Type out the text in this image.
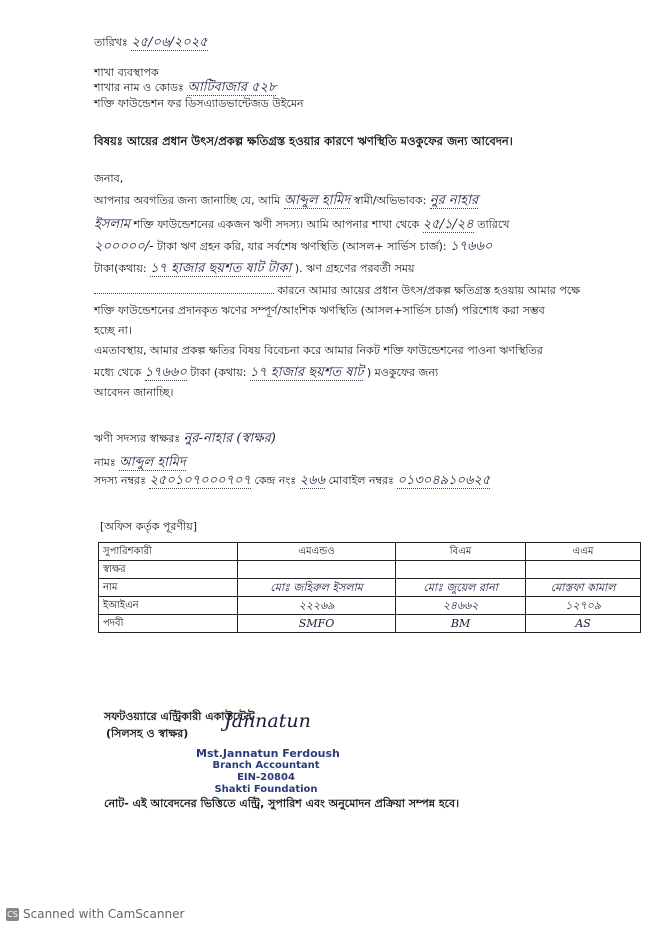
তারিখঃ ২৫/০৬/২০২৫
শাখা ব্যবস্থাপক
শাখার নাম ও কোডঃ আটিবাজার ৫২৮
শক্তি ফাউন্ডেশন ফর ডিসএ্যাডভান্টেজড উইমেন
বিষয়ঃ আয়ের প্রধান উৎস/প্রকল্প ক্ষতিগ্রস্ত হওয়ার কারণে ঋণস্থিতি মওকুফের জন্য আবেদন।
জনাব,
আপনার অবগতির জন্য জানাচ্ছি যে, আমি আব্দুল হামিদ স্বামী/অভিভাবক: নুর নাহার
ইসলাম শক্তি ফাউন্ডেশনের একজন ঋণী সদস্য। আমি আপনার শাখা থেকে ২৫/১/২৪ তারিখে
২০০০০০/- টাকা ঋণ গ্রহন করি, যার সর্বশেষ ঋণস্থিতি (আসল+ সার্ভিস চার্জ): ১৭৬৬০
টাকা(কথায়: ১৭ হাজার ছয়শত ষাট টাকা ). ঋণ গ্রহণের পরবর্তী সময়
কারনে আমার আয়ের প্রধান উৎস/প্রকল্প ক্ষতিগ্রস্ত হওয়ায় আমার পক্ষে
শক্তি ফাউন্ডেশনের প্রদানকৃত ঋণের সম্পূর্ণ/আংশিক ঋণস্থিতি (আসল+সার্ভিস চার্জ) পরিশোধ করা সম্ভব
হচ্ছে না।
এমতাবস্থায়, আমার প্রকল্প ক্ষতির বিষয় বিবেচনা করে আমার নিকট শক্তি ফাউন্ডেশনের পাওনা ঋণস্থিতির
মধ্যে থেকে ১৭৬৬০ টাকা (কথায়: ১৭ হাজার ছয়শত ষাট ) মওকুফের জন্য
আবেদন জানাচ্ছি।
ঋণী সদস্যর স্বাক্ষরঃ নুর-নাহার (স্বাক্ষর)
নামঃ আব্দুল হামিদ
সদস্য নম্বরঃ ২৫০১০৭০০০৭০৭ কেন্দ্র নংঃ ২৬৬ মোবাইল নম্বরঃ ০১৩০৪৯১০৬২৫
[অফিস কর্তৃক পূরণীয়]
সুপারিশকারী	এমএন্ডও	বিএম	এএম
স্বাক্ষর			
নাম	মোঃ জহিরুল ইসলাম	মোঃ জুয়েল রানা	মোস্তফা কামাল
ইআইএন	২২২৬৯	২৪৬৬২	১২৭০৯
পদবী	SMFO	BM	AS
সফটওয়্যারে এন্ট্রিকারী একাউন্টেন্ট
(সিলসহ ও স্বাক্ষর)
Jannatun
Mst.Jannatun Ferdoush
Branch Accountant
EIN-20804
Shakti Foundation
নোট- এই আবেদনের ভিত্তিতে এন্ট্রি, সুপারিশ এবং অনুমোদন প্রক্রিয়া সম্পন্ন হবে।
CS Scanned with CamScanner
